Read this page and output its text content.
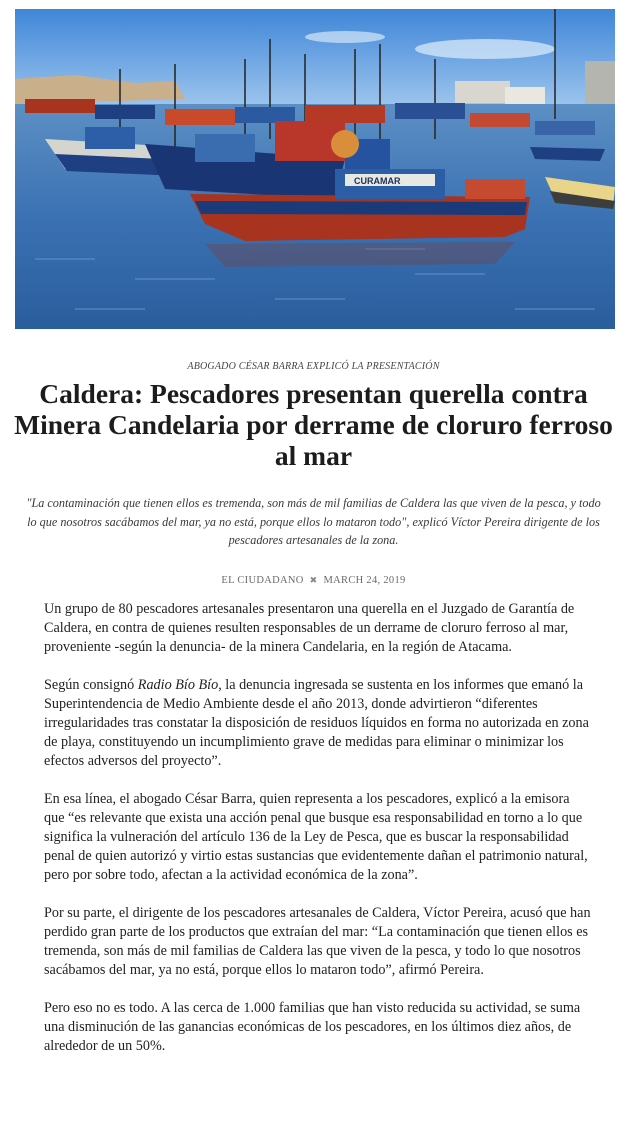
CURAMAR
ABOGADO CÉSAR BARRA EXPLICÓ LA PRESENTACIÓN
Caldera: Pescadores presentan querella contra Minera Candelaria por derrame de cloruro ferroso al mar

"La contaminación que tienen ellos es tremenda, son más de mil familias de Caldera las que viven de la pesca, y todo lo que nosotros sacábamos del mar, ya no está, porque ellos lo mataron todo", explicó Víctor Pereira dirigente de los pescadores artesanales de la zona.

EL CIUDADANO ✖ MARCH 24, 2019

Un grupo de 80 pescadores artesanales presentaron una querella en el Juzgado de Garantía de Caldera, en contra de quienes resulten responsables de un derrame de cloruro ferroso al mar, proveniente -según la denuncia- de la minera Candelaria, en la región de Atacama.

Según consignó Radio Bío Bío, la denuncia ingresada se sustenta en los informes que emanó la Superintendencia de Medio Ambiente desde el año 2013, donde advirtieron “diferentes irregularidades tras constatar la disposición de residuos líquidos en forma no autorizada en zona de playa, constituyendo un incumplimiento grave de medidas para eliminar o minimizar los efectos adversos del proyecto”.

En esa línea, el abogado César Barra, quien representa a los pescadores, explicó a la emisora que “es relevante que exista una acción penal que busque esa responsabilidad en torno a lo que significa la vulneración del artículo 136 de la Ley de Pesca, que es buscar la responsabilidad penal de quien autorizó y virtio estas sustancias que evidentemente dañan el patrimonio natural, pero por sobre todo, afectan a la actividad económica de la zona”.

Por su parte, el dirigente de los pescadores artesanales de Caldera, Víctor Pereira, acusó que han perdido gran parte de los productos que extraían del mar: “La contaminación que tienen ellos es tremenda, son más de mil familias de Caldera las que viven de la pesca, y todo lo que nosotros sacábamos del mar, ya no está, porque ellos lo mataron todo”, afirmó Pereira.

Pero eso no es todo. A las cerca de 1.000 familias que han visto reducida su actividad, se suma una disminución de las ganancias económicas de los pescadores, en los últimos diez años, de alrededor de un 50%.
